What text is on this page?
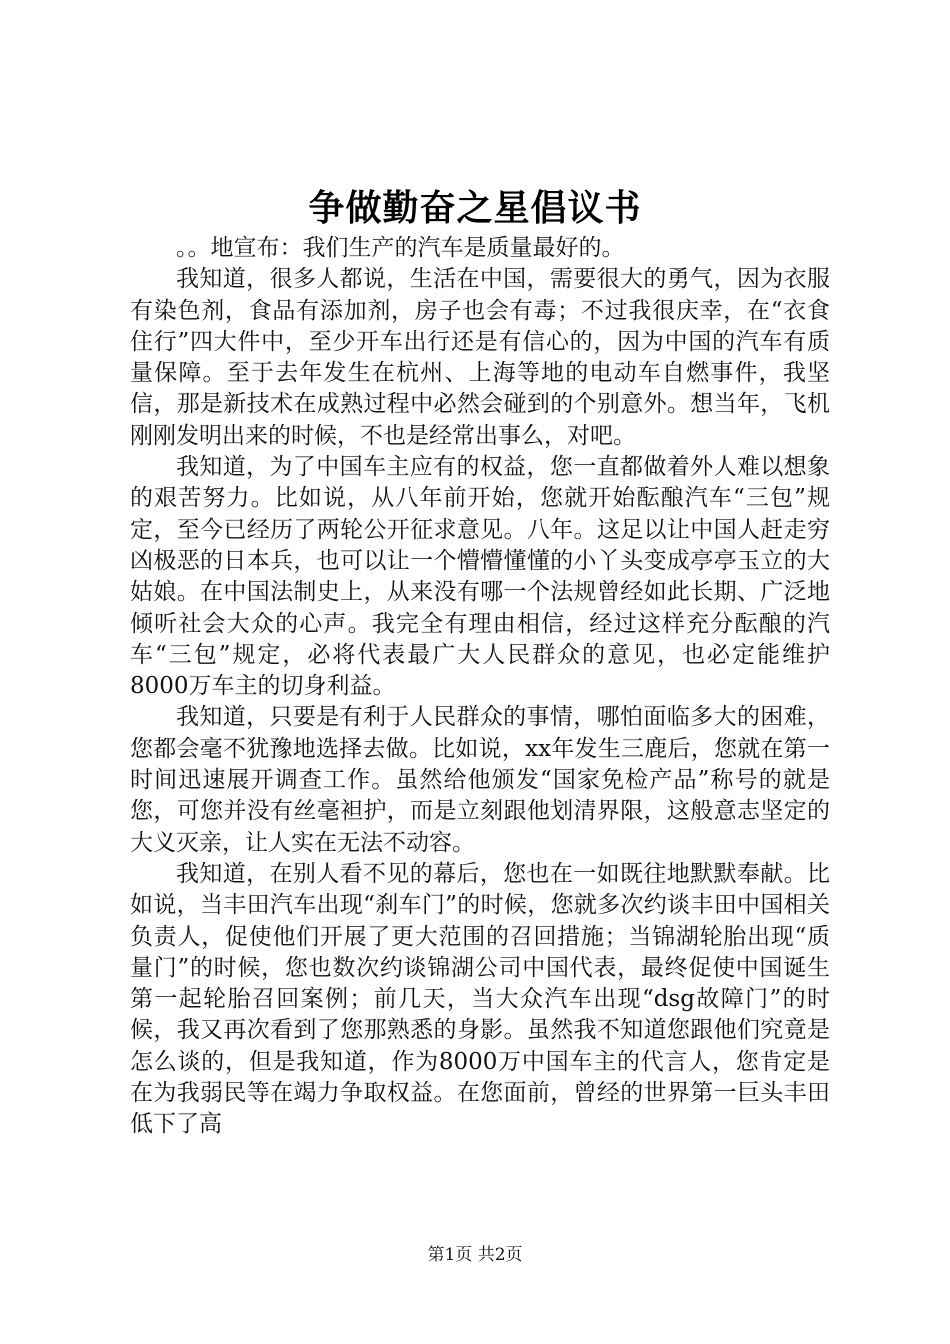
争做勤奋之星倡议书

。。地宣布：我们生产的汽车是质量最好的。

我知道，很多人都说，生活在中国，需要很大的勇气，因为衣服有染色剂，食品有添加剂，房子也会有毒；不过我很庆幸，在“衣食住行”四大件中，至少开车出行还是有信心的，因为中国的汽车有质量保障。至于去年发生在杭州、上海等地的电动车自燃事件，我坚信，那是新技术在成熟过程中必然会碰到的个别意外。想当年，飞机刚刚发明出来的时候，不也是经常出事么，对吧。

我知道，为了中国车主应有的权益，您一直都做着外人难以想象的艰苦努力。比如说，从八年前开始，您就开始酝酿汽车“三包”规定，至今已经历了两轮公开征求意见。八年。这足以让中国人赶走穷凶极恶的日本兵，也可以让一个懵懵懂懂的小丫头变成亭亭玉立的大姑娘。在中国法制史上，从来没有哪一个法规曾经如此长期、广泛地倾听社会大众的心声。我完全有理由相信，经过这样充分酝酿的汽车“三包”规定，必将代表最广大人民群众的意见，也必定能维护8000万车主的切身利益。

我知道，只要是有利于人民群众的事情，哪怕面临多大的困难，您都会毫不犹豫地选择去做。比如说，xx年发生三鹿后，您就在第一时间迅速展开调查工作。虽然给他颁发“国家免检产品”称号的就是您，可您并没有丝毫袒护，而是立刻跟他划清界限，这般意志坚定的大义灭亲，让人实在无法不动容。

我知道，在别人看不见的幕后，您也在一如既往地默默奉献。比如说，当丰田汽车出现“刹车门”的时候，您就多次约谈丰田中国相关负责人，促使他们开展了更大范围的召回措施；当锦湖轮胎出现“质量门”的时候，您也数次约谈锦湖公司中国代表，最终促使中国诞生第一起轮胎召回案例；前几天，当大众汽车出现“dsg故障门”的时候，我又再次看到了您那熟悉的身影。虽然我不知道您跟他们究竟是怎么谈的，但是我知道，作为8000万中国车主的代言人，您肯定是在为我弱民等在竭力争取权益。在您面前，曾经的世界第一巨头丰田低下了高

第1页 共2页
